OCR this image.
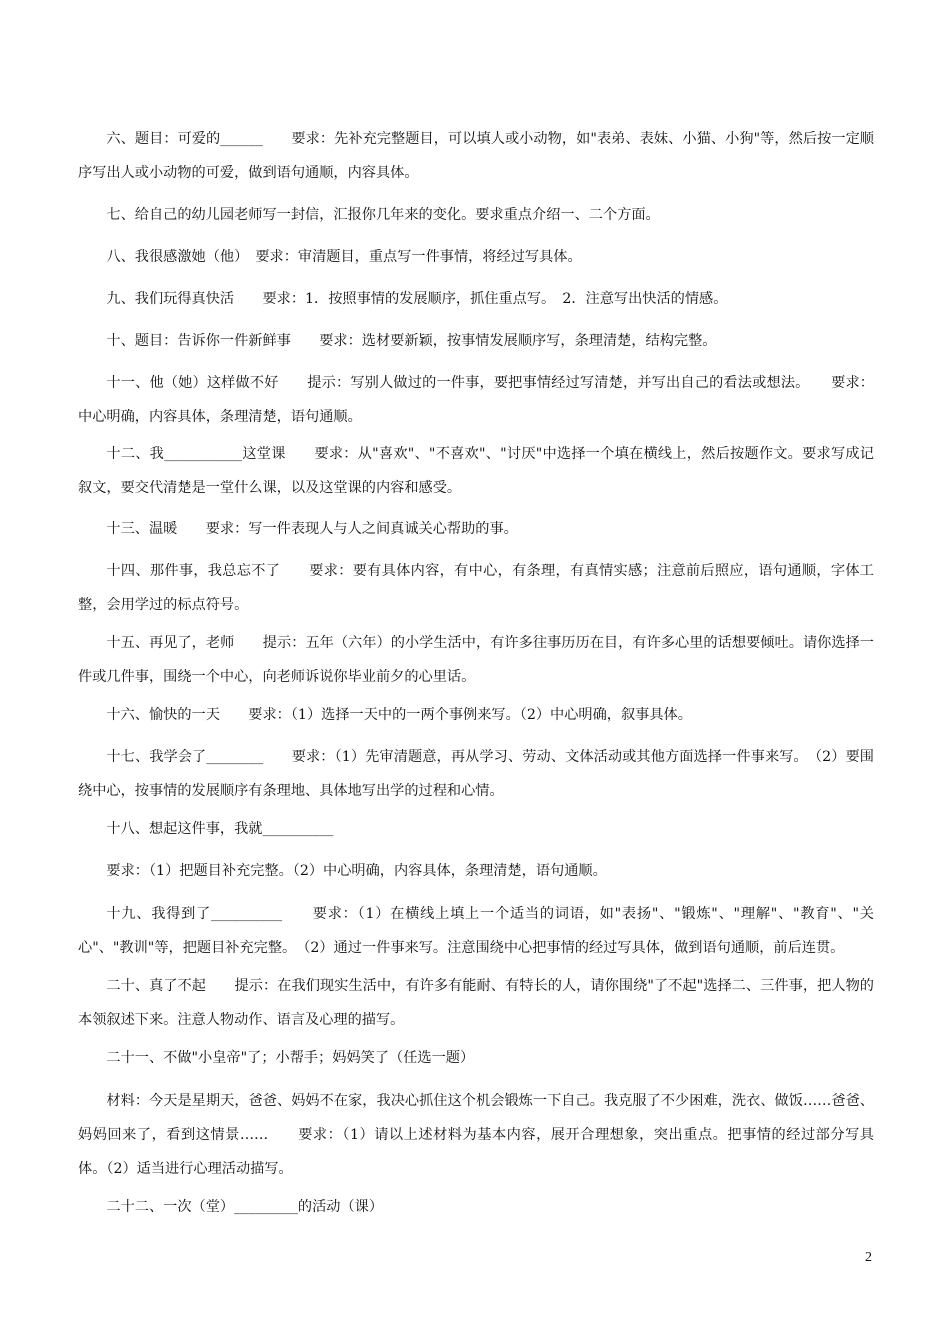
六、题目：可爱的______　　要求：先补充完整题目，可以填人或小动物，如"表弟、表妹、小猫、小狗"等，然后按一定顺序写出人或小动物的可爱，做到语句通顺，内容具体。

七、给自己的幼儿园老师写一封信，汇报你几年来的变化。要求重点介绍一、二个方面。

八、我很感激她（他）　要求：审清题目，重点写一件事情，将经过写具体。

九、我们玩得真快活　　要求：1．按照事情的发展顺序，抓住重点写。　2．注意写出快活的情感。

十、题目：告诉你一件新鲜事　　要求：选材要新颖，按事情发展顺序写，条理清楚，结构完整。

十一、他（她）这样做不好　　提示：写别人做过的一件事，要把事情经过写清楚，并写出自己的看法或想法。　　要求：中心明确，内容具体，条理清楚，语句通顺。

十二、我___________这堂课　　要求：从"喜欢"、"不喜欢"、"讨厌"中选择一个填在横线上，然后按题作文。要求写成记叙文，要交代清楚是一堂什么课，以及这堂课的内容和感受。

十三、温暖　　要求：写一件表现人与人之间真诚关心帮助的事。

十四、那件事，我总忘不了　　要求：要有具体内容，有中心，有条理，有真情实感；注意前后照应，语句通顺，字体工整，会用学过的标点符号。

十五、再见了，老师　　提示：五年（六年）的小学生活中，有许多往事历历在目，有许多心里的话想要倾吐。请你选择一件或几件事，围绕一个中心，向老师诉说你毕业前夕的心里话。

十六、愉快的一天　　要求：（1）选择一天中的一两个事例来写。（2）中心明确，叙事具体。

十七、我学会了________　　要求：（1）先审清题意，再从学习、劳动、文体活动或其他方面选择一件事来写。　（2）要围绕中心，按事情的发展顺序有条理地、具体地写出学的过程和心情。

十八、想起这件事，我就__________

要求：（1）把题目补充完整。（2）中心明确，内容具体，条理清楚，语句通顺。

十九、我得到了__________　　要求：（1）在横线上填上一个适当的词语，如"表扬"、"锻炼"、"理解"、"教育"、"关心"、"教训"等，把题目补充完整。　（2）通过一件事来写。注意围绕中心把事情的经过写具体，做到语句通顺，前后连贯。

二十、真了不起　　提示：在我们现实生活中，有许多有能耐、有特长的人，请你围绕"了不起"选择二、三件事，把人物的本领叙述下来。注意人物动作、语言及心理的描写。

二十一、不做"小皇帝"了；小帮手；妈妈笑了（任选一题）

材料：今天是星期天，爸爸、妈妈不在家，我决心抓住这个机会锻炼一下自己。我克服了不少困难，洗衣、做饭……爸爸、妈妈回来了，看到这情景……　　要求：（1）请以上述材料为基本内容，展开合理想象，突出重点。把事情的经过部分写具体。（2）适当进行心理活动描写。

二十二、一次（堂）_________的活动（课）

2
